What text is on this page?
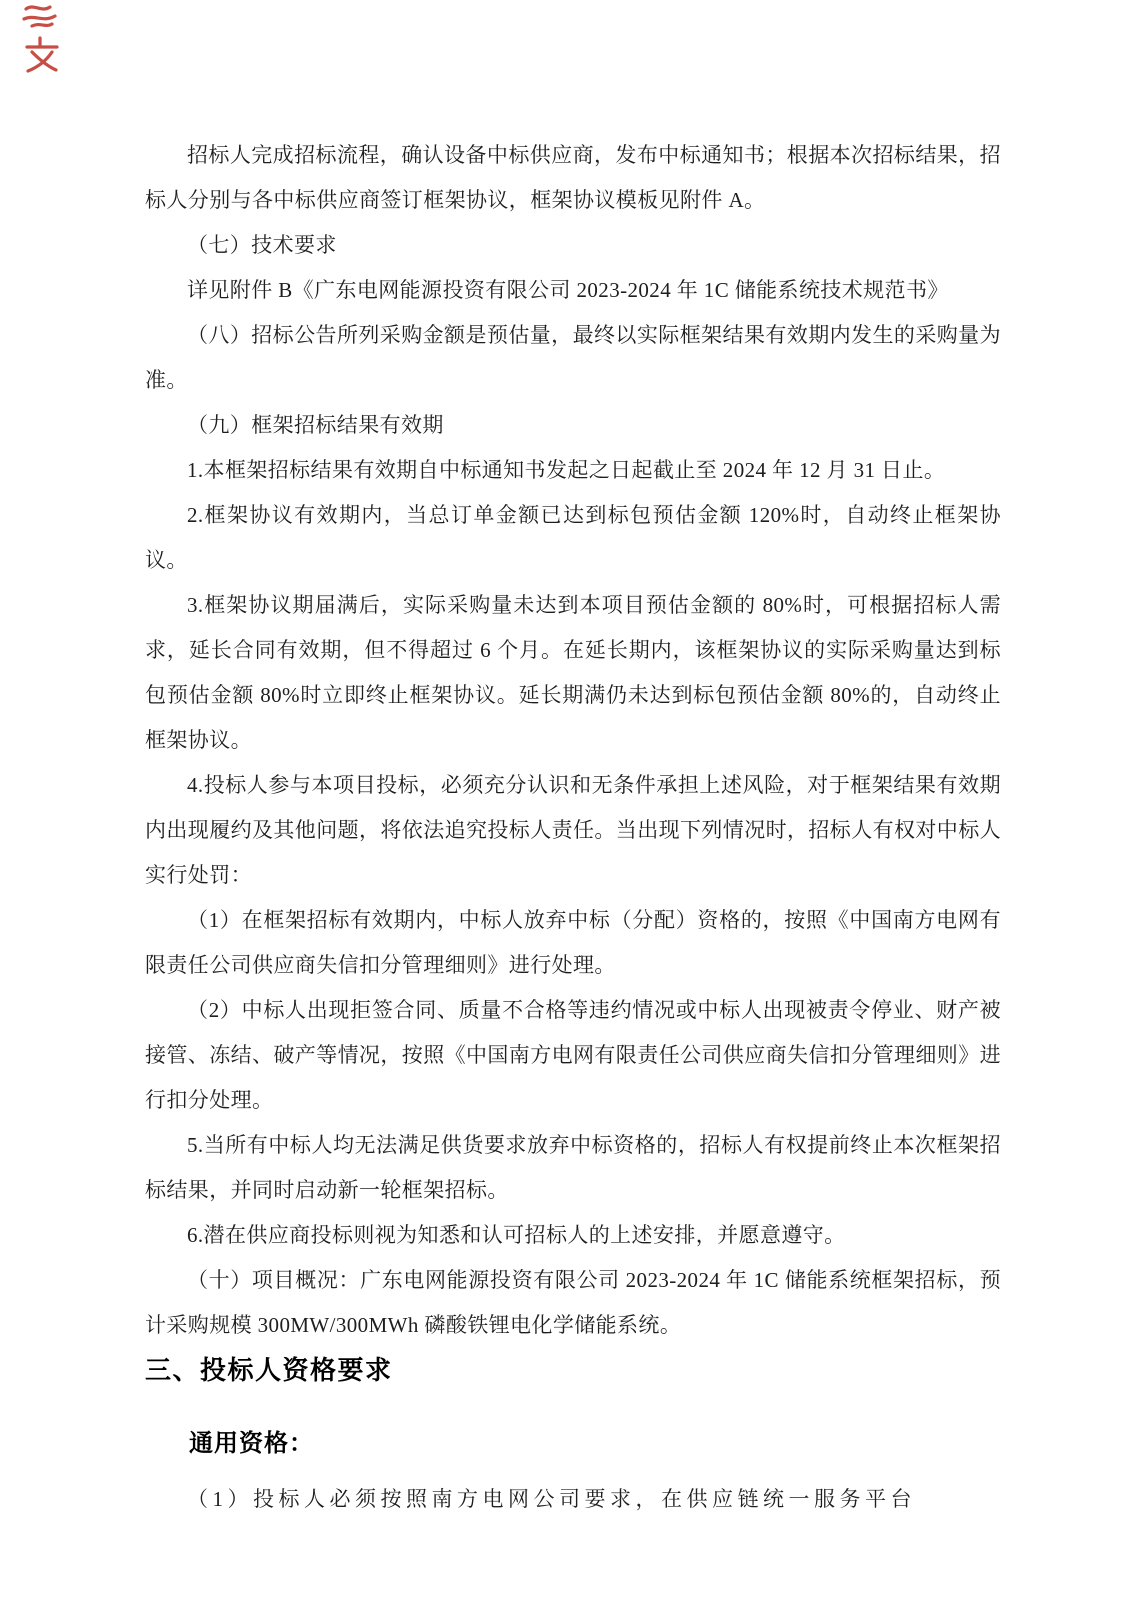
招标人完成招标流程，确认设备中标供应商，发布中标通知书；根据本次招标结果，招标人分别与各中标供应商签订框架协议，框架协议模板见附件 A。

（七）技术要求

详见附件 B《广东电网能源投资有限公司 2023-2024 年 1C 储能系统技术规范书》

（八）招标公告所列采购金额是预估量，最终以实际框架结果有效期内发生的采购量为准。

（九）框架招标结果有效期

1.本框架招标结果有效期自中标通知书发起之日起截止至 2024 年 12 月 31 日止。

2.框架协议有效期内，当总订单金额已达到标包预估金额 120%时，自动终止框架协议。

3.框架协议期届满后，实际采购量未达到本项目预估金额的 80%时，可根据招标人需求，延长合同有效期，但不得超过 6 个月。在延长期内，该框架协议的实际采购量达到标包预估金额 80%时立即终止框架协议。延长期满仍未达到标包预估金额 80%的，自动终止框架协议。

4.投标人参与本项目投标，必须充分认识和无条件承担上述风险，对于框架结果有效期内出现履约及其他问题，将依法追究投标人责任。当出现下列情况时，招标人有权对中标人实行处罚：

（1）在框架招标有效期内，中标人放弃中标（分配）资格的，按照《中国南方电网有限责任公司供应商失信扣分管理细则》进行处理。

（2）中标人出现拒签合同、质量不合格等违约情况或中标人出现被责令停业、财产被接管、冻结、破产等情况，按照《中国南方电网有限责任公司供应商失信扣分管理细则》进行扣分处理。

5.当所有中标人均无法满足供货要求放弃中标资格的，招标人有权提前终止本次框架招标结果，并同时启动新一轮框架招标。

6.潜在供应商投标则视为知悉和认可招标人的上述安排，并愿意遵守。

（十）项目概况：广东电网能源投资有限公司 2023-2024 年 1C 储能系统框架招标，预计采购规模 300MW/300MWh 磷酸铁锂电化学储能系统。

三、投标人资格要求
通用资格：

（1）投标人必须按照南方电网公司要求，在供应链统一服务平台
